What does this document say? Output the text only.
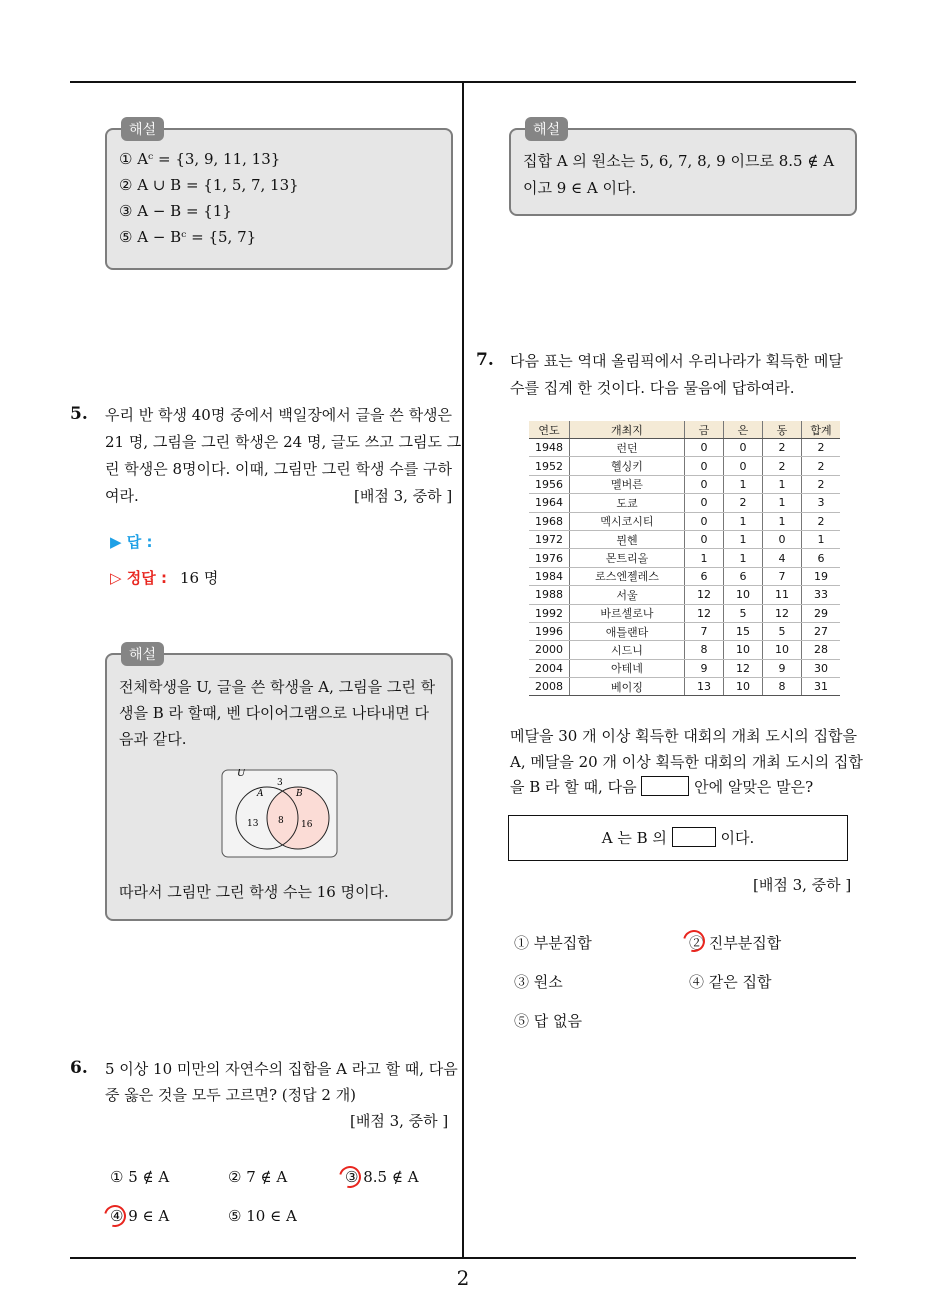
2
해설
① Aᶜ = {3, 9, 11, 13}
② A ∪ B = {1, 5, 7, 13}
③ A − B = {1}
⑤ A − Bᶜ = {5, 7}
5. 우리 반 학생 40명 중에서 백일장에서 글을 쓴 학생은
21 명, 그림을 그린 학생은 24 명, 글도 쓰고 그림도 그
린 학생은 8명이다. 이때, 그림만 그린 학생 수를 구하
여라.	[배점 3, 중하 ]
▶ 답 :
▷ 정답 : 16 명
해설
전체학생을 U, 글을 쓴 학생을 A, 그림을 그린 학
생을 B 라 할때, 벤 다이어그램으로 나타내면 다
음과 같다.
U
3
A	B
13 8 16
따라서 그림만 그린 학생 수는 16 명이다.
6. 5 이상 10 미만의 자연수의 집합을 A 라고 할 때, 다음
중 옳은 것을 모두 고르면? (정답 2 개)
[배점 3, 중하 ]
① 5 ∉ A	② 7 ∉ A	③ 8.5 ∉ A
④ 9 ∈ A	⑤ 10 ∈ A
해설
집합 A 의 원소는 5, 6, 7, 8, 9 이므로 8.5 ∉ A
이고 9 ∈ A 이다.
7. 다음 표는 역대 올림픽에서 우리나라가 획득한 메달
수를 집계 한 것이다. 다음 물음에 답하여라.
연도	개최지	금	은	동	합계
1948	런던	0	0	2	2
1952	헬싱키	0	0	2	2
1956	멜버른	0	1	1	2
1964	도쿄	0	2	1	3
1968	멕시코시티	0	1	1	2
1972	뮌헨	0	1	0	1
1976	몬트리올	1	1	4	6
1984	로스엔젤레스	6	6	7	19
1988	서울	12	10	11	33
1992	바르셀로나	12	5	12	29
1996	애틀랜타	7	15	5	27
2000	시드니	8	10	10	28
2004	아테네	9	12	9	30
2008	베이징	13	10	8	31
메달을 30 개 이상 획득한 대회의 개최 도시의 집합을
A, 메달을 20 개 이상 획득한 대회의 개최 도시의 집합
을 B 라 할 때, 다음	안에 알맞은 말은?
A 는 B 의	이다.
[배점 3, 중하 ]
① 부분집합	② 진부분집합
③ 원소	④ 같은 집합
⑤ 답 없음
